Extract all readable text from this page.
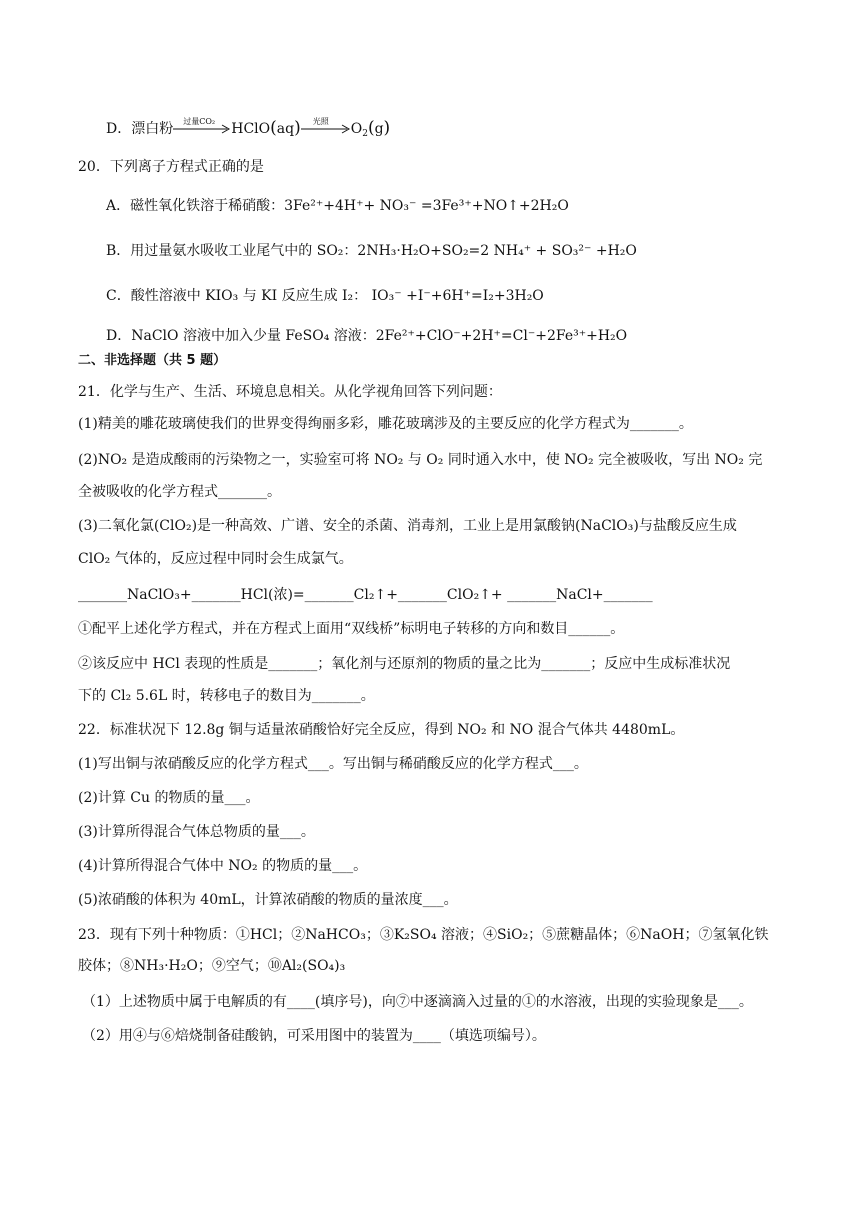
D．漂白粉 过量CO₂ HClO(aq) 光照 $O_2(g)$
20．下列离子方程式正确的是
A．磁性氧化铁溶于稀硝酸：3Fe²⁺+4H⁺+ NO₃⁻ =3Fe³⁺+NO↑+2H₂O
B．用过量氨水吸收工业尾气中的 SO₂：2NH₃·H₂O+SO₂=2 NH₄⁺ + SO₃²⁻ +H₂O
C．酸性溶液中 KIO₃ 与 KI 反应生成 I₂： IO₃⁻ +I⁻+6H⁺=I₂+3H₂O
D．NaClO 溶液中加入少量 FeSO₄ 溶液：2Fe²⁺+ClO⁻+2H⁺=Cl⁻+2Fe³⁺+H₂O
二、非选择题（共 5 题）
21．化学与生产、生活、环境息息相关。从化学视角回答下列问题：
(1)精美的雕花玻璃使我们的世界变得绚丽多彩，雕花玻璃涉及的主要反应的化学方程式为_______。
(2)NO₂ 是造成酸雨的污染物之一，实验室可将 NO₂ 与 O₂ 同时通入水中，使 NO₂ 完全被吸收，写出 NO₂ 完
全被吸收的化学方程式_______。
(3)二氧化氯(ClO₂)是一种高效、广谱、安全的杀菌、消毒剂，工业上是用氯酸钠(NaClO₃)与盐酸反应生成
ClO₂ 气体的，反应过程中同时会生成氯气。
_______NaClO₃+_______HCl(浓)=_______Cl₂↑+_______ClO₂↑+ _______NaCl+_______
①配平上述化学方程式，并在方程式上面用“双线桥”标明电子转移的方向和数目______。
②该反应中 HCl 表现的性质是_______；氧化剂与还原剂的物质的量之比为_______；反应中生成标准状况
下的 Cl₂ 5.6L 时，转移电子的数目为_______。
22．标准状况下 12.8g 铜与适量浓硝酸恰好完全反应，得到 NO₂ 和 NO 混合气体共 4480mL。
(1)写出铜与浓硝酸反应的化学方程式___。写出铜与稀硝酸反应的化学方程式___。
(2)计算 Cu 的物质的量___。
(3)计算所得混合气体总物质的量___。
(4)计算所得混合气体中 NO₂ 的物质的量___。
(5)浓硝酸的体积为 40mL，计算浓硝酸的物质的量浓度___。
23．现有下列十种物质：①HCl；②NaHCO₃；③K₂SO₄ 溶液；④SiO₂；⑤蔗糖晶体；⑥NaOH；⑦氢氧化铁
胶体；⑧NH₃·H₂O；⑨空气；⑩Al₂(SO₄)₃
（1）上述物质中属于电解质的有____(填序号)，向⑦中逐滴滴入过量的①的水溶液，出现的实验现象是___。
（2）用④与⑥焙烧制备硅酸钠，可采用图中的装置为____（填选项编号）。
